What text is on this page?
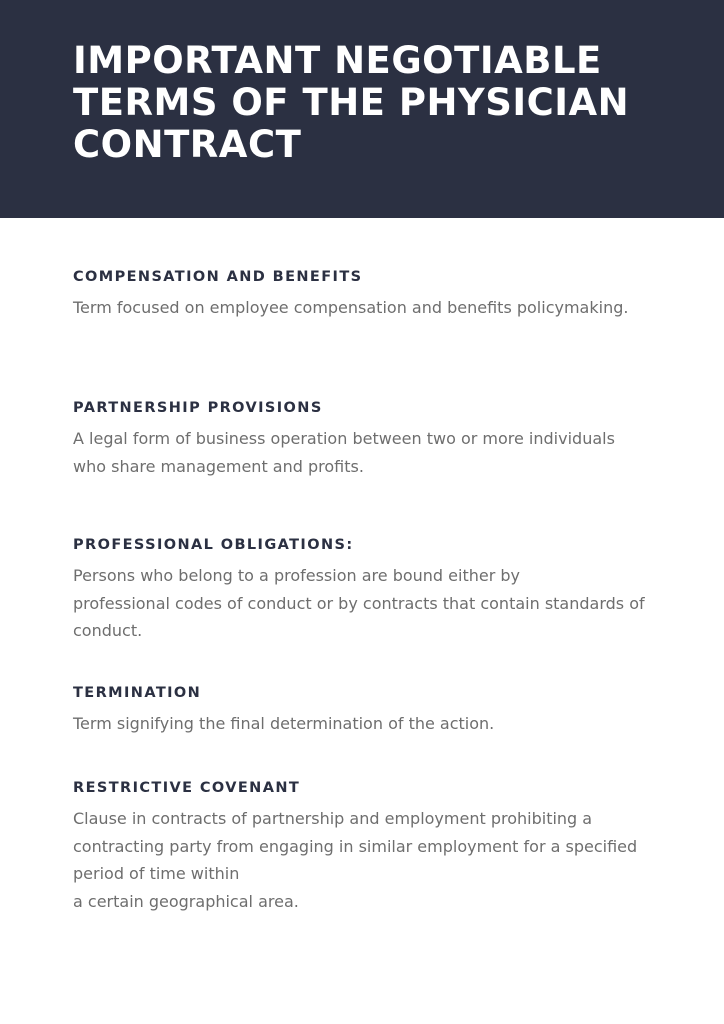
IMPORTANT NEGOTIABLE TERMS OF THE PHYSICIAN CONTRACT
COMPENSATION AND BENEFITS

Term focused on employee compensation and benefits policymaking.

PARTNERSHIP PROVISIONS

A legal form of business operation between two or more individuals
who share management and profits.

PROFESSIONAL OBLIGATIONS:

Persons who belong to a profession are bound either by
professional codes of conduct or by contracts that contain standards of
conduct.

TERMINATION

Term signifying the final determination of the action.

RESTRICTIVE COVENANT

Clause in contracts of partnership and employment prohibiting a
contracting party from engaging in similar employment for a specified
period of time within
a certain geographical area.
